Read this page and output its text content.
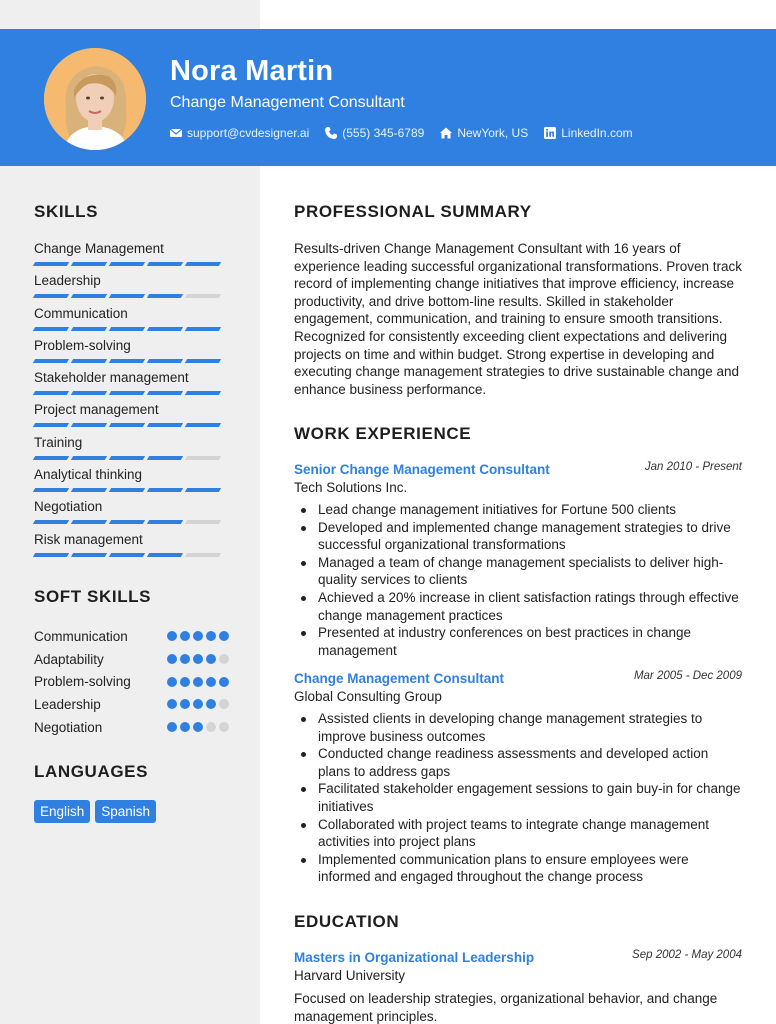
Nora Martin
Change Management Consultant
support@cvdesigner.ai	(555) 345-6789	NewYork, US	LinkedIn.com
SKILLS
Change Management
Leadership
Communication
Problem-solving
Stakeholder management
Project management
Training
Analytical thinking
Negotiation
Risk management
SOFT SKILLS
Communication
Adaptability
Problem-solving
Leadership
Negotiation
LANGUAGES
English	Spanish
PROFESSIONAL SUMMARY
Results-driven Change Management Consultant with 16 years of experience leading successful organizational transformations. Proven track record of implementing change initiatives that improve efficiency, increase productivity, and drive bottom-line results. Skilled in stakeholder engagement, communication, and training to ensure smooth transitions. Recognized for consistently exceeding client expectations and delivering projects on time and within budget. Strong expertise in developing and executing change management strategies to drive sustainable change and enhance business performance.
WORK EXPERIENCE
Senior Change Management Consultant	Jan 2010 - Present
Tech Solutions Inc.
Lead change management initiatives for Fortune 500 clients
Developed and implemented change management strategies to drive successful organizational transformations
Managed a team of change management specialists to deliver high-quality services to clients
Achieved a 20% increase in client satisfaction ratings through effective change management practices
Presented at industry conferences on best practices in change management
Change Management Consultant	Mar 2005 - Dec 2009
Global Consulting Group
Assisted clients in developing change management strategies to improve business outcomes
Conducted change readiness assessments and developed action plans to address gaps
Facilitated stakeholder engagement sessions to gain buy-in for change initiatives
Collaborated with project teams to integrate change management activities into project plans
Implemented communication plans to ensure employees were informed and engaged throughout the change process
EDUCATION
Masters in Organizational Leadership	Sep 2002 - May 2004
Harvard University
Focused on leadership strategies, organizational behavior, and change management principles.
